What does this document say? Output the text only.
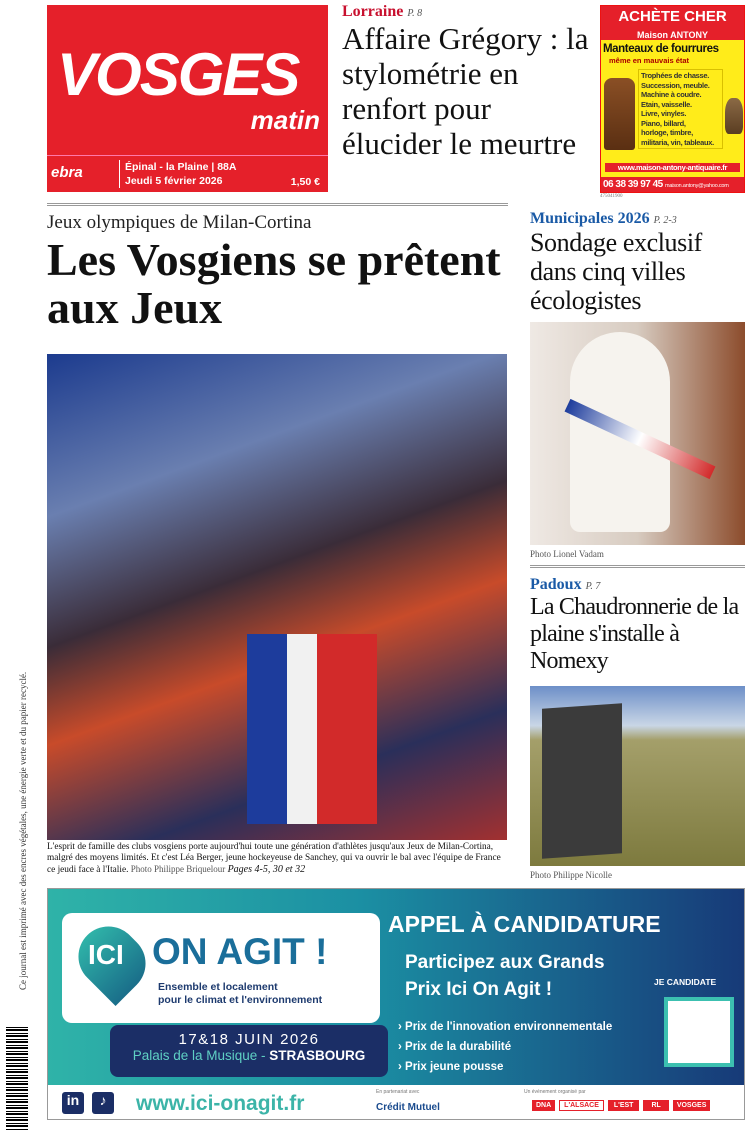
VOSGES
matin
ebra	Épinal - la Plaine | 88A
Jeudi 5 février 2026	1,50 €
Lorraine P. 8
Affaire Grégory : la stylométrie en renfort pour élucider le meurtre
ACHÈTE CHER
Maison ANTONY
Manteaux de fourrures
même en mauvais état
Trophées de chasse.
Succession, meuble.
Machine à coudre.
Etain, vaisselle.
Livre, vinyles.
Piano, billard,
horloge, timbre,
militaria, vin, tableaux.
www.maison-antony-antiquaire.fr
06 38 39 97 45 maison.antony@yahoo.com
475041900
Jeux olympiques de Milan-Cortina
Les Vosgiens se prêtent aux Jeux
L'esprit de famille des clubs vosgiens porte aujourd'hui toute une génération d'athlètes jusqu'aux Jeux de Milan-Cortina, malgré des moyens limités. Et c'est Léa Berger, jeune hockeyeuse de Sanchey, qui va ouvrir le bal avec l'équipe de France ce jeudi face à l'Italie. Photo Philippe Briquelour Pages 4-5, 30 et 32
Municipales 2026 P. 2-3
Sondage exclusif dans cinq villes écologistes
Photo Lionel Vadam
Padoux P. 7
La Chaudronnerie de la plaine s'installe à Nomexy
Photo Philippe Nicolle
Ce journal est imprimé avec des encres végétales, une énergie verte et du papier recyclé. ICI ON AGIT !
Ensemble et localement
pour le climat et l'environnement
17&18 JUIN 2026
Palais de la Musique - STRASBOURG
APPEL À CANDIDATURE
Participez aux Grands
Prix Ici On Agit !
› Prix de l'innovation environnementale
› Prix de la durabilité
› Prix jeune pousse
JE CANDIDATE
in	♪	www.ici-onagit.fr	En partenariat avec
Crédit Mutuel
Un événement organisé par
DNA	L'ALSACE	L'EST	RL	VOSGES
